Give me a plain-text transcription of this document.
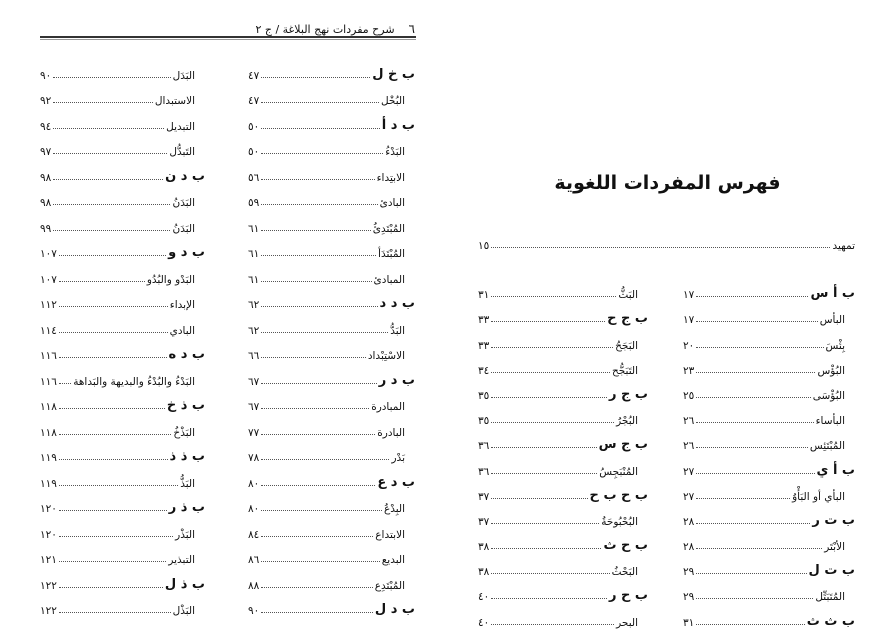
٦
شرح مفردات نهج البلاغة / ج ٢
ب خ ل
٤٧
البُخْل
٤٧
ب د أ
٥٠
البَدْءُ
٥٠
الابتِداء
٥٦
البادئ
٥٩
المُبْتَدِئُ
٦١
المُبْتَدَأ
٦١
المبادئ
٦١
ب د د
٦٢
البَدُّ
٦٢
الاسْتِبْداد
٦٦
ب د ر
٦٧
المبادرة
٦٧
البادرة
٧٧
بَدْر
٧٨
ب د ع
٨٠
البِدْعُ
٨٠
الابتداع
٨٤
البديع
٨٦
المُبْتَدِع
٨٨
ب د ل
٩٠
البَدَل
٩٠
الاستبدال
٩٢
التبديل
٩٤
التَبدُّل
٩٧
ب د ن
٩٨
البَدَنُ
٩٨
البَدَنُ
٩٩
ب د و
١٠٧
البَدْو والبُدُو
١٠٧
الإبداء
١١٢
البادي
١١٤
ب د ه
١١٦
البَدْءُ والبُدْءُ والبديهة والبَداهة
١١٦
ب ذ خ
١١٨
البَذْخُ
١١٨
ب ذ ذ
١١٩
البَذُّ
١١٩
ب ذ ر
١٢٠
البَذْر
١٢٠
التبذير
١٢١
ب ذ ل
١٢٢
البَذْل
١٢٢
فهرس المفردات اللغوية
تمهيد
١٥
ب أ س
١٧
البأس
١٧
بِئْسَ
٢٠
البُؤْس
٢٣
البُؤْسَى
٢٥
البأساء
٢٦
المُبْتَئِس
٢٦
ب أ ي
٢٧
البأي أو البَأْوُ
٢٧
ب ت ر
٢٨
الأبْتَر
٢٨
ب ت ل
٢٩
المُتَبَتِّل
٢٩
ب ث ث
٣١
البَثُّ
٣١
ب ج ح
٣٣
البَجَحُ
٣٣
التَبَجُّح
٣٤
ب ج ر
٣٥
البُجْرُ
٣٥
ب ج س
٣٦
المُنْبَجِسُ
٣٦
ب ح ب ح
٣٧
البُحْبُوحَةُ
٣٧
ب ح ث
٣٨
البَحْثُ
٣٨
ب ح ر
٤٠
البحر
٤٠
